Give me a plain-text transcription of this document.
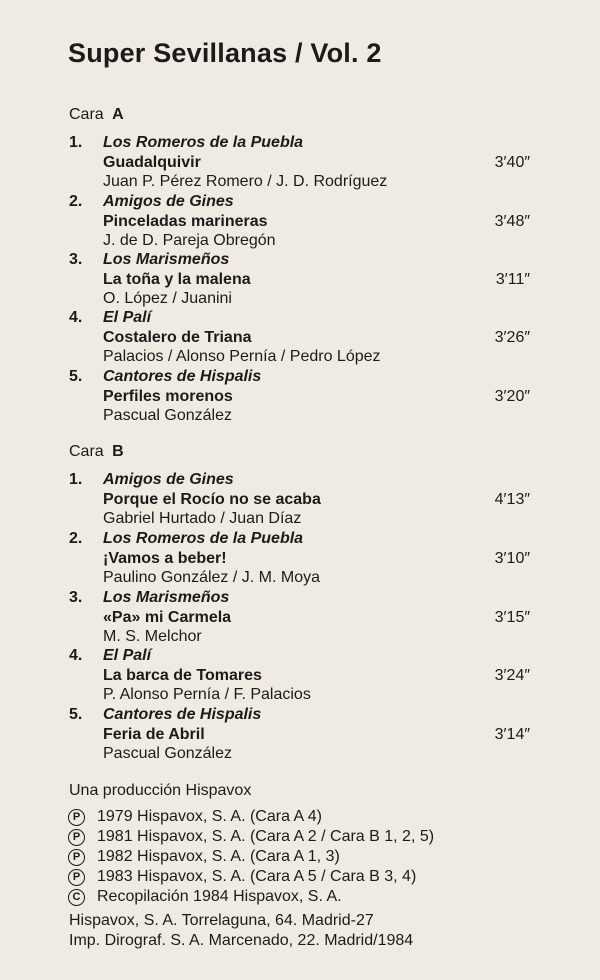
Super Sevillanas / Vol. 2
Cara A
1. Los Romeros de la Puebla
Guadalquivir	3′40″
Juan P. Pérez Romero / J. D. Rodríguez
2. Amigos de Gines
Pinceladas marineras	3′48″
J. de D. Pareja Obregón
3. Los Marismeños
La toña y la malena	3′11″
O. López / Juanini
4. El Palí
Costalero de Triana	3′26″
Palacios / Alonso Pernía / Pedro López
5. Cantores de Hispalis
Perfiles morenos	3′20″
Pascual González
Cara B
1. Amigos de Gines
Porque el Rocío no se acaba	4′13″
Gabriel Hurtado / Juan Díaz
2. Los Romeros de la Puebla
¡Vamos a beber!	3′10″
Paulino González / J. M. Moya
3. Los Marismeños
«Pa» mi Carmela	3′15″
M. S. Melchor
4. El Palí
La barca de Tomares	3′24″
P. Alonso Pernía / F. Palacios
5. Cantores de Hispalis
Feria de Abril	3′14″
Pascual González
Una producción Hispavox
P	1979 Hispavox, S. A. (Cara A 4)
P	1981 Hispavox, S. A. (Cara A 2 / Cara B 1, 2, 5)
P	1982 Hispavox, S. A. (Cara A 1, 3)
P	1983 Hispavox, S. A. (Cara A 5 / Cara B 3, 4)
C Recopilación 1984 Hispavox, S. A.
Hispavox, S. A. Torrelaguna, 64. Madrid-27
Imp. Dirograf. S. A. Marcenado, 22. Madrid/1984
